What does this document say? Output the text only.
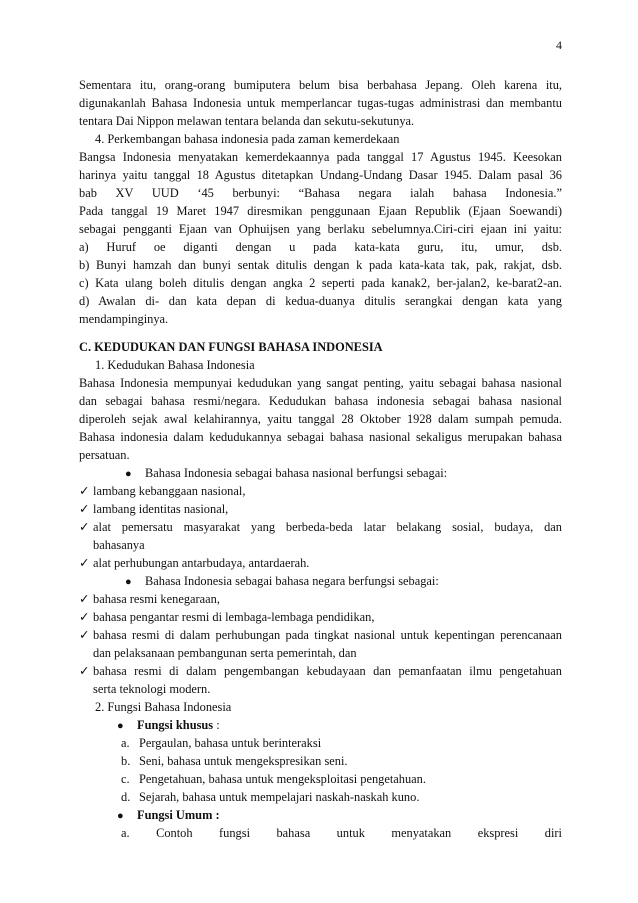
4
Sementara itu, orang-orang bumiputera belum bisa berbahasa Jepang. Oleh karena itu,
digunakanlah Bahasa Indonesia untuk memperlancar tugas-tugas administrasi dan membantu
tentara Dai Nippon melawan tentara belanda dan sekutu-sekutunya.
4. Perkembangan bahasa indonesia pada zaman kemerdekaan
Bangsa Indonesia menyatakan kemerdekaannya pada tanggal 17 Agustus 1945. Keesokan
harinya yaitu tanggal 18 Agustus ditetapkan Undang-Undang Dasar 1945. Dalam pasal 36
bab XV UUD ‘45 berbunyi: “Bahasa negara ialah bahasa Indonesia.”
Pada tanggal 19 Maret 1947 diresmikan penggunaan Ejaan Republik (Ejaan Soewandi)
sebagai pengganti Ejaan van Ophuijsen yang berlaku sebelumnya.Ciri-ciri ejaan ini yaitu:
a) Huruf oe diganti dengan u pada kata-kata guru, itu, umur, dsb.
b) Bunyi hamzah dan bunyi sentak ditulis dengan k pada kata-kata tak, pak, rakjat, dsb.
c) Kata ulang boleh ditulis dengan angka 2 seperti pada kanak2, ber-jalan2, ke-barat2-an.
d) Awalan di- dan kata depan di kedua-duanya ditulis serangkai dengan kata yang
mendampinginya.
C. KEDUDUKAN DAN FUNGSI BAHASA INDONESIA
1. Kedudukan Bahasa Indonesia
Bahasa Indonesia mempunyai kedudukan yang sangat penting, yaitu sebagai bahasa nasional
dan sebagai bahasa resmi/negara. Kedudukan bahasa indonesia sebagai bahasa nasional
diperoleh sejak awal kelahirannya, yaitu tanggal 28 Oktober 1928 dalam sumpah pemuda.
Bahasa indonesia dalam kedudukannya sebagai bahasa nasional sekaligus merupakan bahasa
persatuan.
● Bahasa Indonesia sebagai bahasa nasional berfungsi sebagai:
✓ lambang kebanggaan nasional,
✓ lambang identitas nasional,
✓ alat pemersatu masyarakat yang berbeda-beda latar belakang sosial, budaya, dan
bahasanya
✓ alat perhubungan antarbudaya, antardaerah.
● Bahasa Indonesia sebagai bahasa negara berfungsi sebagai:
✓ bahasa resmi kenegaraan,
✓ bahasa pengantar resmi di lembaga-lembaga pendidikan,
✓ bahasa resmi di dalam perhubungan pada tingkat nasional untuk kepentingan perencanaan
dan pelaksanaan pembangunan serta pemerintah, dan
✓ bahasa resmi di dalam pengembangan kebudayaan dan pemanfaatan ilmu pengetahuan
serta teknologi modern.
2. Fungsi Bahasa Indonesia
● Fungsi khusus :
a. Pergaulan, bahasa untuk berinteraksi
b. Seni, bahasa untuk mengekspresikan seni.
c. Pengetahuan, bahasa untuk mengeksploitasi pengetahuan.
d. Sejarah, bahasa untuk mempelajari naskah-naskah kuno.
● Fungsi Umum :
a. Contoh fungsi bahasa untuk menyatakan ekspresi diri
